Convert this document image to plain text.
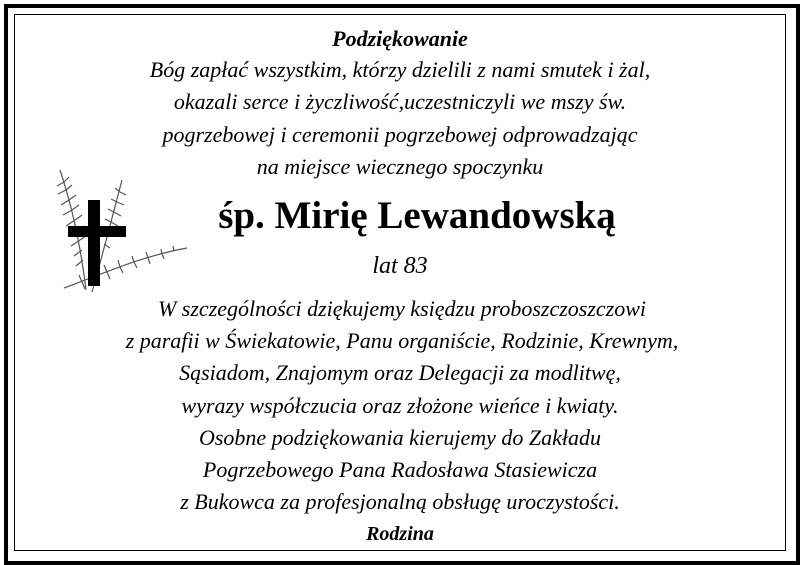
Podziękowanie
Bóg zapłać wszystkim, którzy dzielili z nami smutek i żal,
okazali serce i życzliwość,uczestniczyli we mszy św.
pogrzebowej i ceremonii pogrzebowej odprowadzając
na miejsce wiecznego spoczynku
śp. Mirię Lewandowską
lat 83
W szczególności dziękujemy księdzu proboszczoszczowi
z parafii w Świekatowie, Panu organiście, Rodzinie, Krewnym,
Sąsiadom, Znajomym oraz Delegacji za modlitwę,
wyrazy współczucia oraz złożone wieńce i kwiaty.
Osobne podziękowania kierujemy do Zakładu
Pogrzebowego Pana Radosława Stasiewicza
z Bukowca za profesjonalną obsługę uroczystości.
Rodzina
